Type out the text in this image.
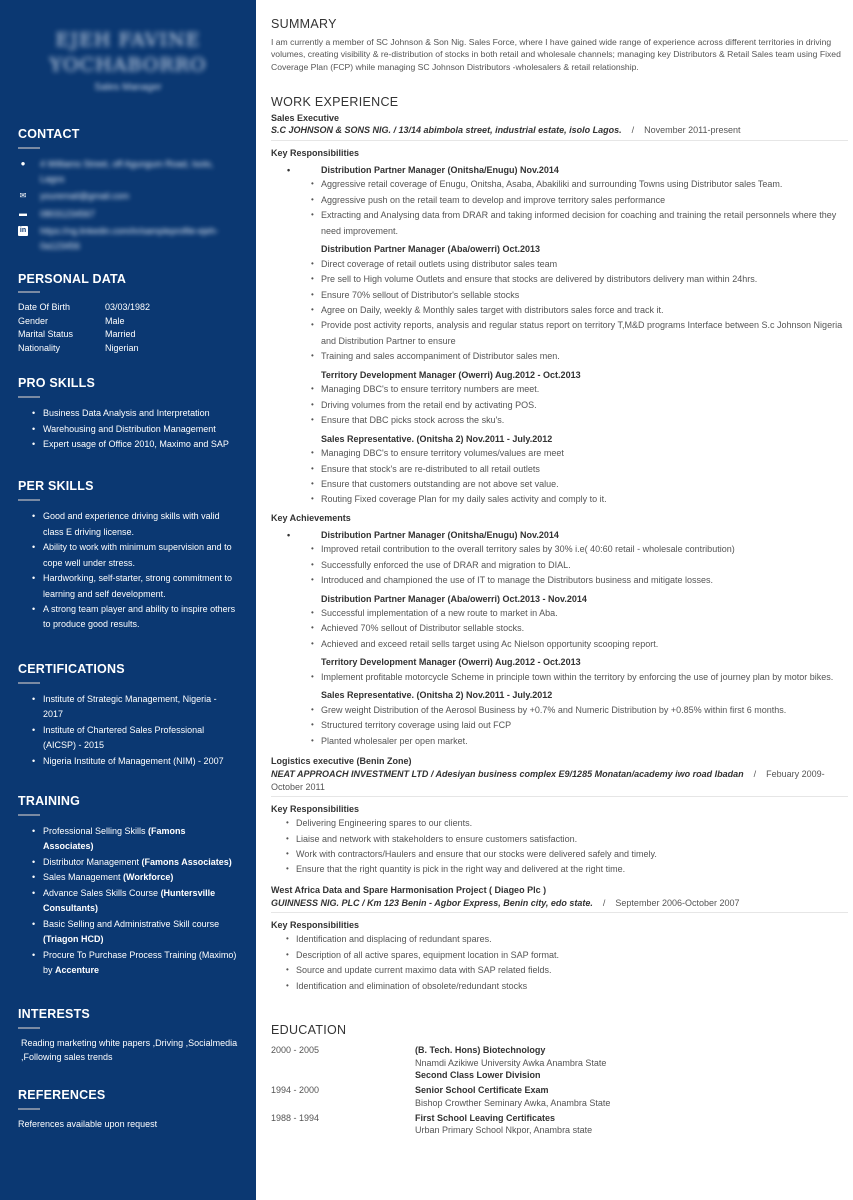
EJEH FAVINE
YOCHABORRO
Sales Manager
CONTACT
● 4 Williams Street, off Agungum Road, Isolo, Lagos
✉ youremail@gmail.com
▬ 08031234567
in https://ng.linkedin.com/in/sampleprofile-ejeh-0a123456
PERSONAL DATA
Date Of Birth	03/03/1982
Gender	Male
Marital Status	Married
Nationality	Nigerian
PRO SKILLS
• Business Data Analysis and Interpretation
• Warehousing and Distribution Management
• Expert usage of Office 2010, Maximo and SAP
PER SKILLS
• Good and experience driving skills with valid class E driving license.
• Ability to work with minimum supervision and to cope well under stress.
• Hardworking, self-starter, strong commitment to learning and self development.
• A strong team player and ability to inspire others to produce good results.
CERTIFICATIONS
• Institute of Strategic Management, Nigeria - 2017
• Institute of Chartered Sales Professional (AICSP) - 2015
• Nigeria Institute of Management (NIM) - 2007
TRAINING
• Professional Selling Skills (Famons Associates)
• Distributor Management (Famons Associates)
• Sales Management (Workforce)
• Advance Sales Skills Course (Huntersville Consultants)
• Basic Selling and Administrative Skill course (Triagon HCD)
• Procure To Purchase Process Training (Maximo) by Accenture
INTERESTS
Reading marketing white papers ,Driving ,Socialmedia ,Following sales trends
REFERENCES
References available upon request
SUMMARY

I am currently a member of SC Johnson & Son Nig. Sales Force, where I have gained wide range of experience across different territories in driving volumes, creating visibility & re-distribution of stocks in both retail and wholesale channels; managing key Distributors & Retail Sales team using Fixed Coverage Plan (FCP) while managing SC Johnson Distributors -wholesalers & retail relationship.

WORK EXPERIENCE
Sales Executive
S.C JOHNSON & SONS NIG. / 13/14 abimbola street, industrial estate, isolo Lagos. / November 2011-present
Key Responsibilities
• Distribution Partner Manager (Onitsha/Enugu) Nov.2014
• Aggressive retail coverage of Enugu, Onitsha, Asaba, Abakiliki and surrounding Towns using Distributor sales Team.
• Aggressive push on the retail team to develop and improve territory sales performance
• Extracting and Analysing data from DRAR and taking informed decision for coaching and training the retail personnels where they need improvement.
Distribution Partner Manager (Aba/owerri) Oct.2013
• Direct coverage of retail outlets using distributor sales team
• Pre sell to High volume Outlets and ensure that stocks are delivered by distributors delivery man within 24hrs.
• Ensure 70% sellout of Distributor's sellable stocks
• Agree on Daily, weekly & Monthly sales target with distributors sales force and track it.
• Provide post activity reports, analysis and regular status report on territory T,M&D programs Interface between S.c Johnson Nigeria and Distribution Partner to ensure
• Training and sales accompaniment of Distributor sales men.
Territory Development Manager (Owerri) Aug.2012 - Oct.2013
• Managing DBC's to ensure territory numbers are meet.
• Driving volumes from the retail end by activating POS.
• Ensure that DBC picks stock across the sku's.
Sales Representative. (Onitsha 2) Nov.2011 - July.2012
• Managing DBC's to ensure territory volumes/values are meet
• Ensure that stock's are re-distributed to all retail outlets
• Ensure that customers outstanding are not above set value.
• Routing Fixed coverage Plan for my daily sales activity and comply to it.
Key Achievements
• Distribution Partner Manager (Onitsha/Enugu) Nov.2014
• Improved retail contribution to the overall territory sales by 30% i.e( 40:60 retail - wholesale contribution)
• Successfully enforced the use of DRAR and migration to DIAL.
• Introduced and championed the use of IT to manage the Distributors business and mitigate losses.
Distribution Partner Manager (Aba/owerri) Oct.2013 - Nov.2014
• Successful implementation of a new route to market in Aba.
• Achieved 70% sellout of Distributor sellable stocks.
• Achieved and exceed retail sells target using Ac Nielson opportunity scooping report.
Territory Development Manager (Owerri) Aug.2012 - Oct.2013
• Implement profitable motorcycle Scheme in principle town within the territory by enforcing the use of journey plan by motor bikes.
Sales Representative. (Onitsha 2) Nov.2011 - July.2012
• Grew weight Distribution of the Aerosol Business by +0.7% and Numeric Distribution by +0.85% within first 6 months.
• Structured territory coverage using laid out FCP
• Planted wholesaler per open market.
Logistics executive (Benin Zone)
NEAT APPROACH INVESTMENT LTD / Adesiyan business complex E9/1285 Monatan/academy iwo road Ibadan / Febuary 2009-October 2011
Key Responsibilities
• Delivering Engineering spares to our clients.
• Liaise and network with stakeholders to ensure customers satisfaction.
• Work with contractors/Haulers and ensure that our stocks were delivered safely and timely.
• Ensure that the right quantity is pick in the right way and delivered at the right time.
West Africa Data and Spare Harmonisation Project ( Diageo Plc )
GUINNESS NIG. PLC / Km 123 Benin - Agbor Express, Benin city, edo state. / September 2006-October 2007
Key Responsibilities
• Identification and displacing of redundant spares.
• Description of all active spares, equipment location in SAP format.
• Source and update current maximo data with SAP related fields.
• Identification and elimination of obsolete/redundant stocks
EDUCATION
2000 - 2005	(B. Tech. Hons) Biotechnology
Nnamdi Azikiwe University Awka Anambra State
Second Class Lower Division
1994 - 2000	Senior School Certificate Exam
Bishop Crowther Seminary Awka, Anambra State
1988 - 1994	First School Leaving Certificates
Urban Primary School Nkpor, Anambra state
